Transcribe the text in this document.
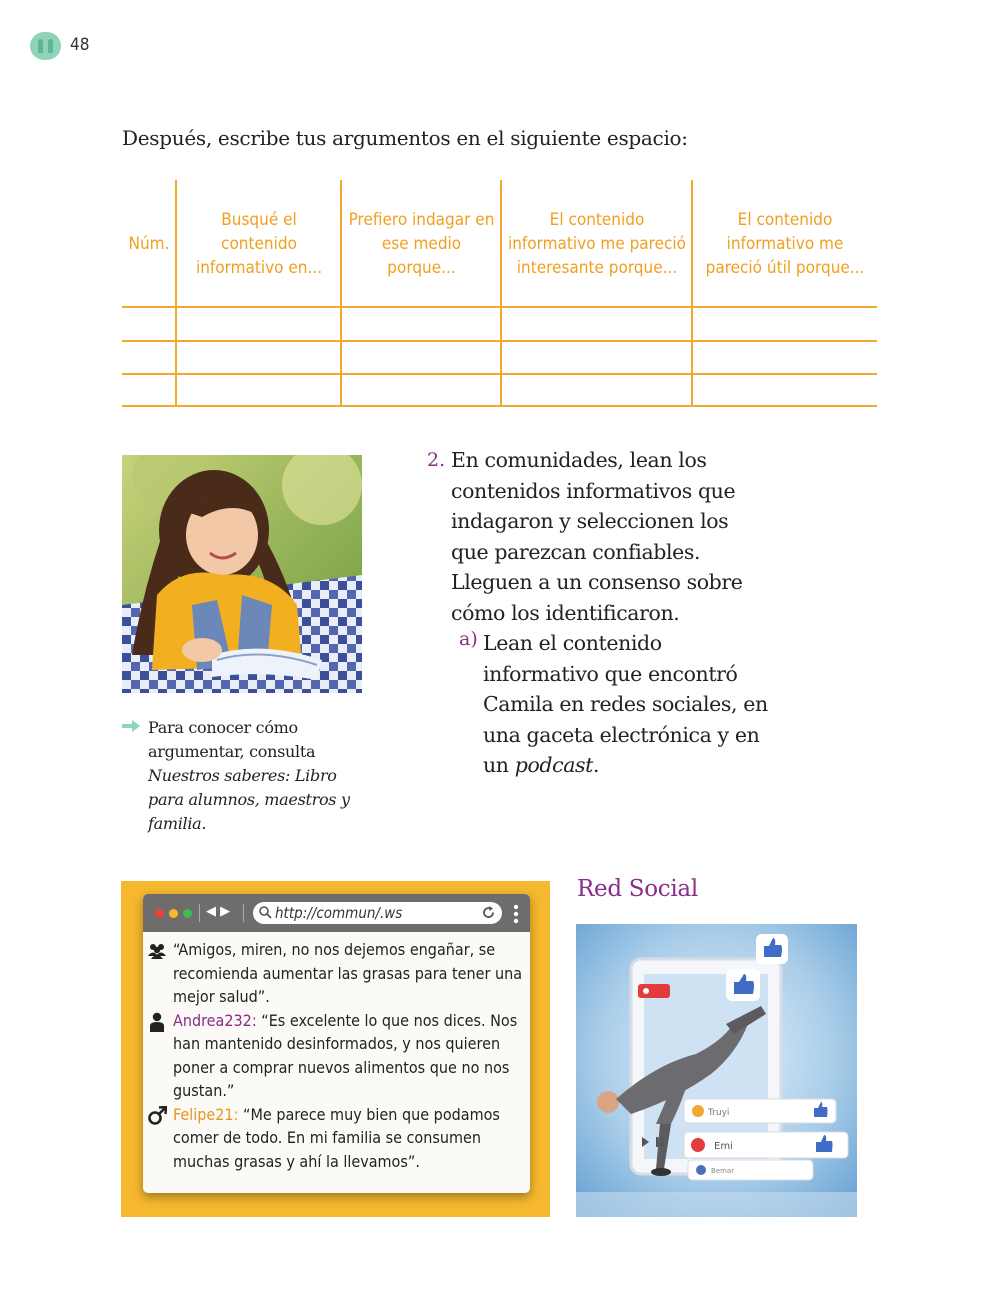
48
Después, escribe tus argumentos en el siguiente espacio:
Núm.
Busqué el contenido informativo en...
Prefiero indagar en ese medio porque...
El contenido informativo me pareció interesante porque...
El contenido informativo me pareció útil porque...
Para conocer cómo argumentar, consulta Nuestros saberes: Libro para alumnos, maestros y familia.
2. En comunidades, lean los contenidos informativos que indagaron y seleccionen los que parezcan confiables. Lleguen a un consenso sobre cómo los identificaron.
a) Lean el contenido informativo que encontró Camila en redes sociales, en una gaceta electrónica y en un podcast.
◀ ▶	http://commun/.ws
“Amigos, miren, no nos dejemos engañar, se recomienda aumentar las grasas para tener una mejor salud”.
Andrea232: “Es excelente lo que nos dices. Nos han mantenido desinformados, y nos quieren poner a comprar nuevos alimentos que no nos gustan.”
Felipe21: “Me parece muy bien que podamos comer de todo. En mi familia se consumen muchas grasas y ahí la llevamos”.
Red Social
Truyi
Emi
Bemar
